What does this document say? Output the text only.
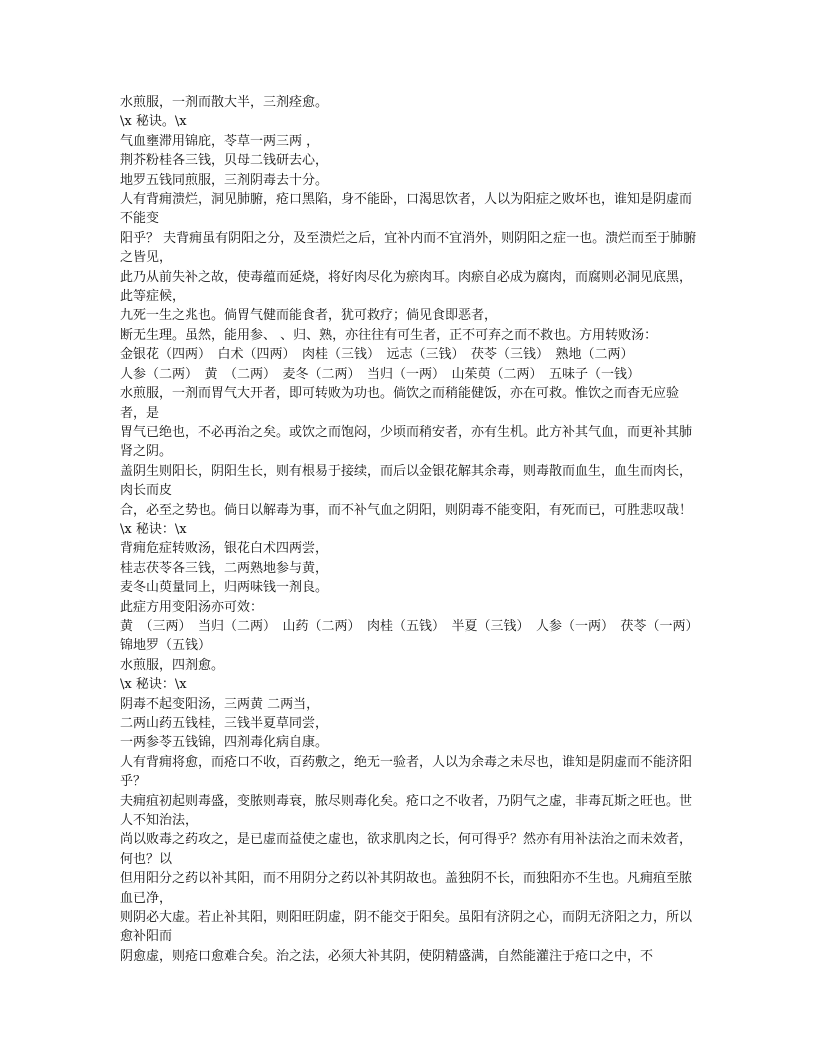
水煎服，一剂而散大半，三剂痊愈。

\x 秘诀。\x

气血壅滞用锦庇，苓草一两三两 ，

荆芥粉桂各三钱，贝母二钱研去心，

地罗五钱同煎服，三剂阴毒去十分。

人有背痈溃烂，洞见肺腑，疮口黑陷，身不能卧，口渴思饮者，人以为阳症之败坏也，谁知是阴虚而不能变

阳乎？ 夫背痈虽有阴阳之分，及至溃烂之后，宜补内而不宜消外，则阴阳之症一也。溃烂而至于肺腑之皆见，

此乃从前失补之故，使毒蕴而延烧，将好肉尽化为瘀肉耳。肉瘀自必成为腐肉，而腐则必洞见底黑，此等症候，

九死一生之兆也。倘胃气健而能食者，犹可救疗；倘见食即恶者，

断无生理。虽然，能用参、 、归、熟，亦往往有可生者，正不可弃之而不救也。方用转败汤：

金银花（四两）　白术（四两）　肉桂（三钱）　远志（三钱）　茯苓（三钱）　熟地（二两）

人参（二两）　黄　（二两）　麦冬（二两）　当归（一两）　山茱萸（二两）　五味子（一钱）

水煎服，一剂而胃气大开者，即可转败为功也。倘饮之而稍能健饭，亦在可救。惟饮之而杳无应验者，是

胃气已绝也，不必再治之矣。或饮之而饱闷，少顷而稍安者，亦有生机。此方补其气血，而更补其肺肾之阴。

盖阴生则阳长，阴阳生长，则有根易于接续，而后以金银花解其余毒，则毒散而血生，血生而肉长，肉长而皮

合，必至之势也。倘日以解毒为事，而不补气血之阴阳，则阴毒不能变阳，有死而已，可胜悲叹哉！

\x 秘诀：\x

背痈危症转败汤，银花白术四两尝，

桂志茯苓各三钱，二两熟地参与黄，

麦冬山萸量同上，归两味钱一剂良。

此症方用变阳汤亦可效：

黄　（三两）　当归（二两）　山药（二两）　肉桂（五钱）　半夏（三钱）　人参（一两）　茯苓（一两）

锦地罗（五钱）

水煎服，四剂愈。

\x 秘诀：\x

阴毒不起变阳汤，三两黄 二两当，

二两山药五钱桂，三钱半夏草同尝，

一两参苓五钱锦，四剂毒化病自康。

人有背痈将愈，而疮口不收，百药敷之，绝无一验者，人以为余毒之未尽也，谁知是阴虚而不能济阳乎？

夫痈疽初起则毒盛，变脓则毒衰，脓尽则毒化矣。疮口之不收者，乃阴气之虚，非毒瓦斯之旺也。世人不知治法，

尚以败毒之药攻之，是已虚而益使之虚也，欲求肌肉之长，何可得乎？然亦有用补法治之而未效者，何也？以

但用阳分之药以补其阳，而不用阴分之药以补其阴故也。盖独阴不长，而独阳亦不生也。凡痈疽至脓血已净，

则阴必大虚。若止补其阳，则阳旺阴虚，阴不能交于阳矣。虽阳有济阴之心，而阴无济阳之力，所以愈补阳而

阴愈虚，则疮口愈难合矣。治之法，必须大补其阴，使阴精盛满，自然能灌注于疮口之中，不
